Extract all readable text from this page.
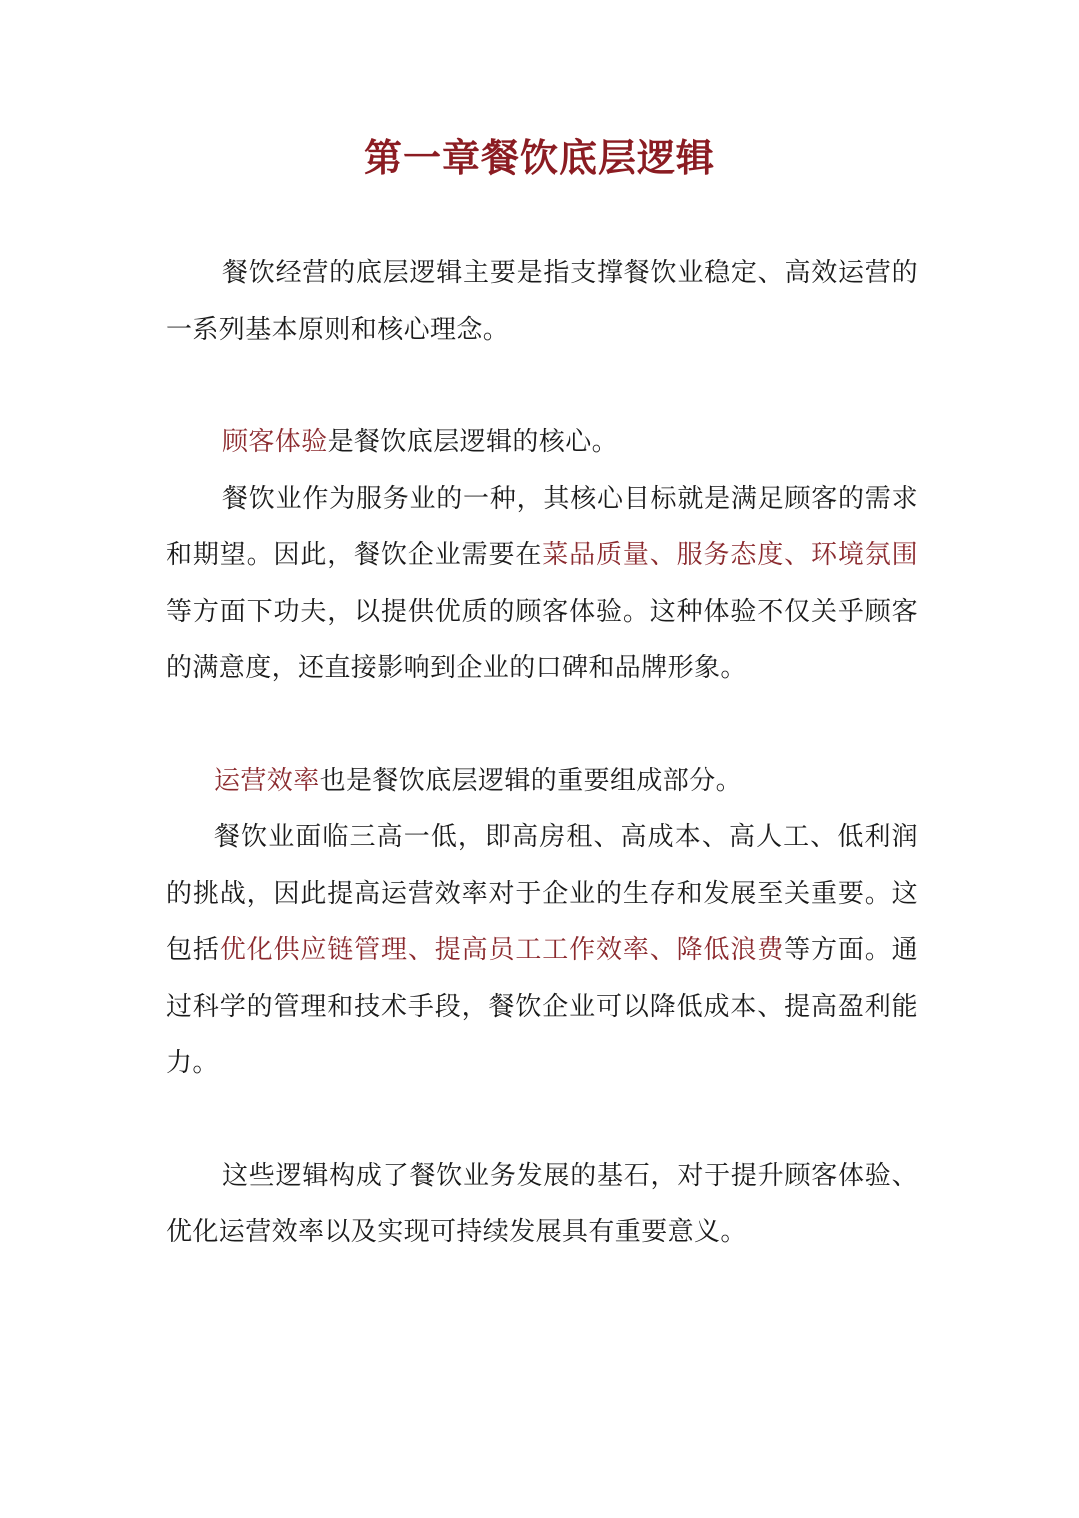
第一章餐饮底层逻辑

餐饮经营的底层逻辑主要是指支撑餐饮业稳定、高效运营的一系列基本原则和核心理念。

顾客体验是餐饮底层逻辑的核心。

餐饮业作为服务业的一种，其核心目标就是满足顾客的需求和期望。因此，餐饮企业需要在菜品质量、服务态度、环境氛围等方面下功夫，以提供优质的顾客体验。这种体验不仅关乎顾客的满意度，还直接影响到企业的口碑和品牌形象。

运营效率也是餐饮底层逻辑的重要组成部分。

餐饮业面临三高一低，即高房租、高成本、高人工、低利润的挑战，因此提高运营效率对于企业的生存和发展至关重要。这包括优化供应链管理、提高员工工作效率、降低浪费等方面。通过科学的管理和技术手段，餐饮企业可以降低成本、提高盈利能力。

这些逻辑构成了餐饮业务发展的基石，对于提升顾客体验、优化运营效率以及实现可持续发展具有重要意义。
